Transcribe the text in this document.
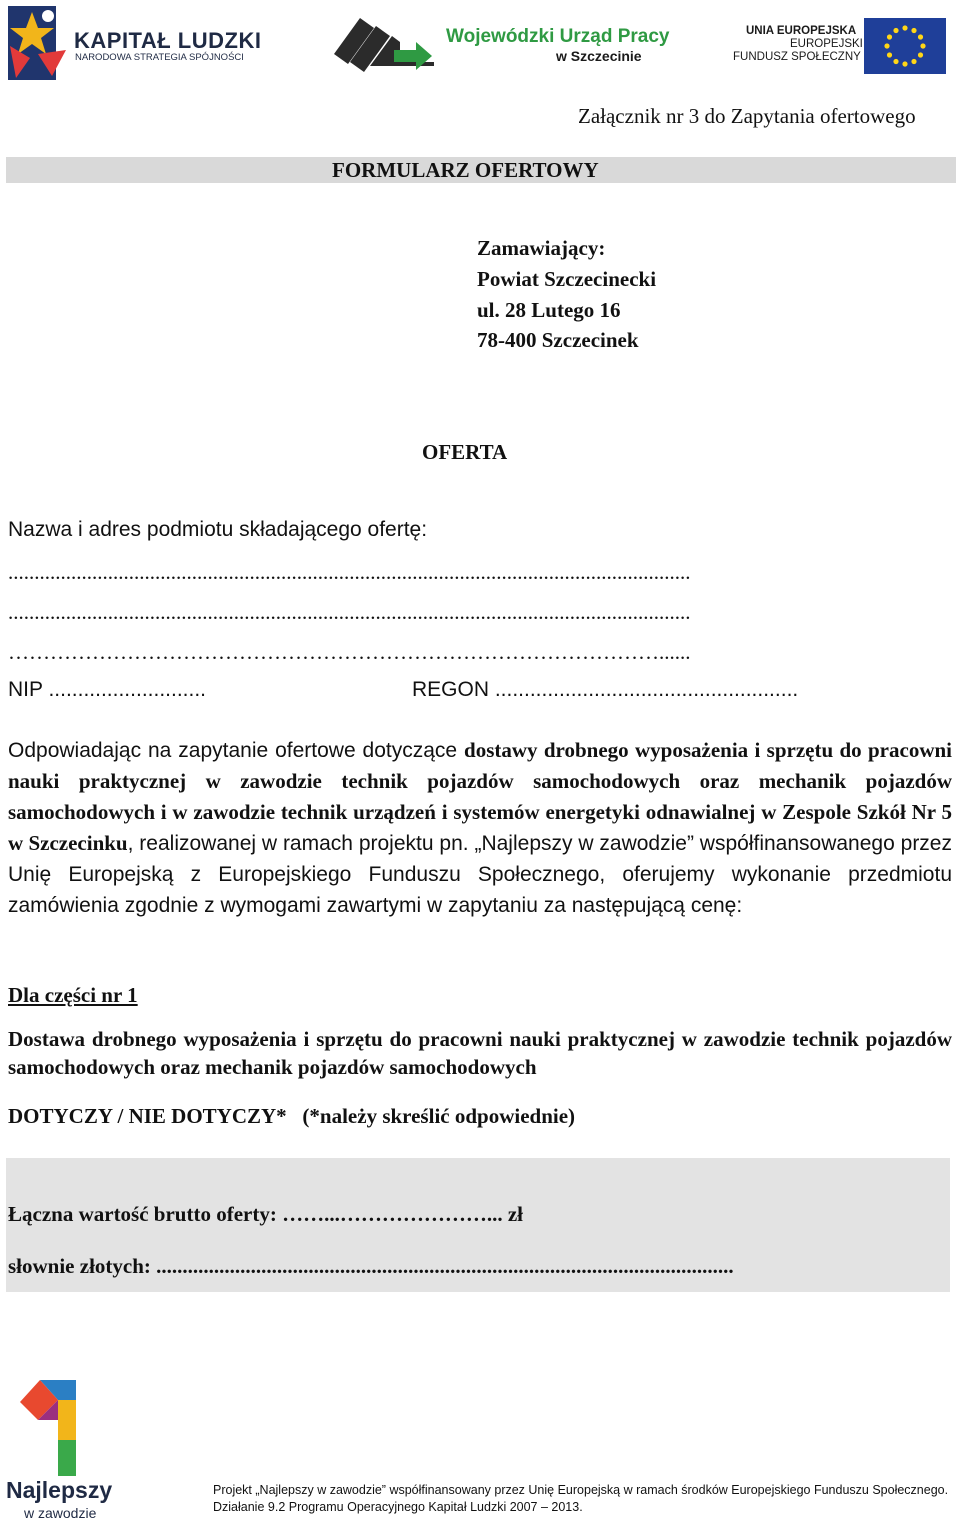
KAPITAŁ LUDZKI
NARODOWA STRATEGIA SPÓJNOŚCI
Wojewódzki Urząd Pracy
w Szczecinie
UNIA EUROPEJSKA
EUROPEJSKI
FUNDUSZ SPOŁECZNY
Załącznik nr 3 do Zapytania ofertowego
FORMULARZ OFERTOWY
Zamawiający:
Powiat Szczecinecki
ul. 28 Lutego 16
78-400 Szczecinek
OFERTA
Nazwa i adres podmiotu składającego ofertę:
..................................................................................................................................
..................................................................................................................................
…………………………………………………………………………………......
NIP ...........................	REGON ....................................................
Odpowiadając na zapytanie ofertowe dotyczące dostawy drobnego wyposażenia i sprzętu do pracowni nauki praktycznej w zawodzie technik pojazdów samochodowych oraz mechanik pojazdów samochodowych i w zawodzie technik urządzeń i systemów energetyki odnawialnej w Zespole Szkół Nr 5 w Szczecinku, realizowanej w ramach projektu pn. „Najlepszy w zawodzie” współfinansowanego przez Unię Europejską z Europejskiego Funduszu Społecznego, oferujemy wykonanie przedmiotu zamówienia zgodnie z wymogami zawartymi w zapytaniu za następującą cenę:
Dla części nr 1
Dostawa drobnego wyposażenia i sprzętu do pracowni nauki praktycznej w zawodzie technik pojazdów samochodowych oraz mechanik pojazdów samochodowych
DOTYCZY / NIE DOTYCZY*   (*należy skreślić odpowiednie)
Łączna wartość brutto oferty: ……...…………………... zł
słownie złotych: ..............................................................................................................
Najlepszy
w zawodzie
Projekt „Najlepszy w zawodzie” współfinansowany przez Unię Europejską w ramach środków Europejskiego Funduszu Społecznego.
Działanie 9.2 Programu Operacyjnego Kapitał Ludzki 2007 – 2013.
